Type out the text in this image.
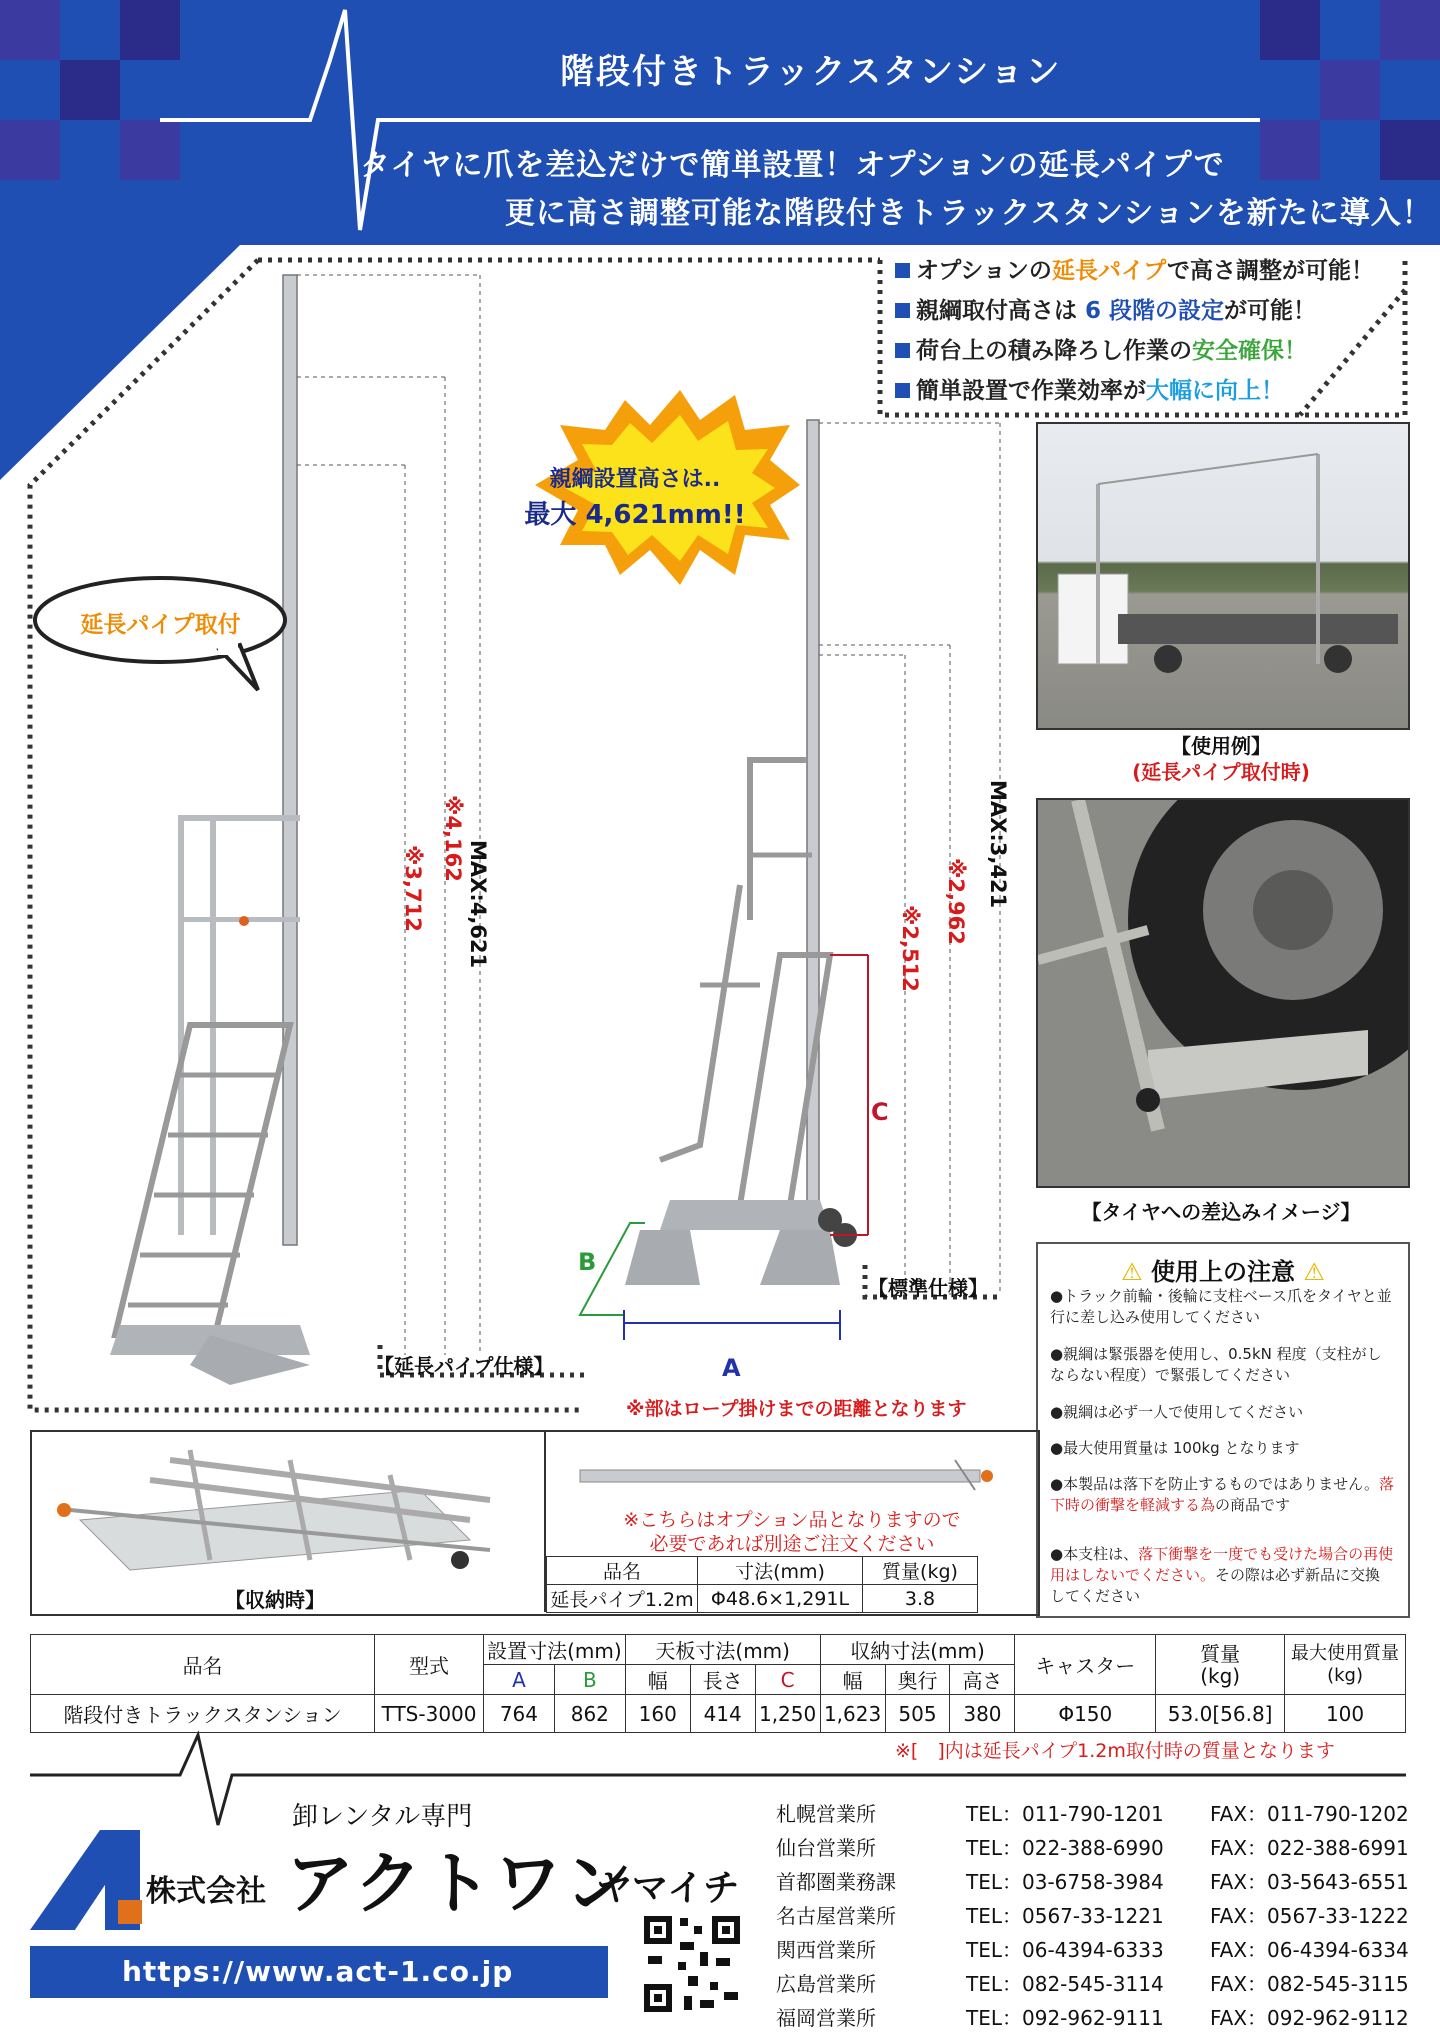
階段付きトラックスタンション
タイヤに爪を差込だけで簡単設置！オプションの延長パイプで
更に高さ調整可能な階段付きトラックスタンションを新たに導入！
オプションの延長パイプで高さ調整が可能！
親綱取付高さは 6 段階の設定が可能！
荷台上の積み降ろし作業の安全確保！
簡単設置で作業効率が大幅に向上！
親綱設置高さは..
最大 4,621mm!!
延長パイプ取付
MAX:4,621
※4,162
※3,712	MAX:3,421
※2,962
※2,512
C
B
A
【延長パイプ仕様】
【標準仕様】
※部はロープ掛けまでの距離となります
【使用例】
(延長パイプ取付時)
【タイヤへの差込みイメージ】
⚠ 使用上の注意 ⚠
●トラック前輪・後輪に支柱ベース爪をタイヤと並行に差し込み使用してください
●親綱は緊張器を使用し、0.5kN 程度（支柱がしならない程度）で緊張してください
●親綱は必ず一人で使用してください
●最大使用質量は 100kg となります
●本製品は落下を防止するものではありません。落下時の衝撃を軽減する為の商品です
●本支柱は、落下衝撃を一度でも受けた場合の再使用はしないでください。その際は必ず新品に交換してください
【収納時】
※こちらはオプション品となりますので
必要であれば別途ご注文ください
品名	寸法(mm)	質量(kg)
延長パイプ1.2m	Φ48.6×1,291L	3.8
品名	型式	設置寸法(mm)		天板寸法(mm)			収納寸法(mm)			キャスター	質量
(kg)	最大使用質量
(kg)
		A	B	幅	長さ	C	幅	奥行	高さ			
階段付きトラックスタンション	TTS-3000	764	862	160	414	1,250	1,623	505	380	Φ150	53.0[56.8]	100
※[　]内は延長パイプ1.2m取付時の質量となります
卸レンタル専門
株式会社 アクトワン
ヤマイチ
https://www.act-1.co.jp
札幌営業所	TEL：011-790-1201 FAX：011-790-1202
仙台営業所	TEL：022-388-6990 FAX：022-388-6991
首都圏業務課	TEL：03-6758-3984 FAX：03-5643-6551
名古屋営業所	TEL：0567-33-1221 FAX：0567-33-1222
関西営業所	TEL：06-4394-6333 FAX：06-4394-6334
広島営業所	TEL：082-545-3114 FAX：082-545-3115
福岡営業所	TEL：092-962-9111 FAX：092-962-9112
